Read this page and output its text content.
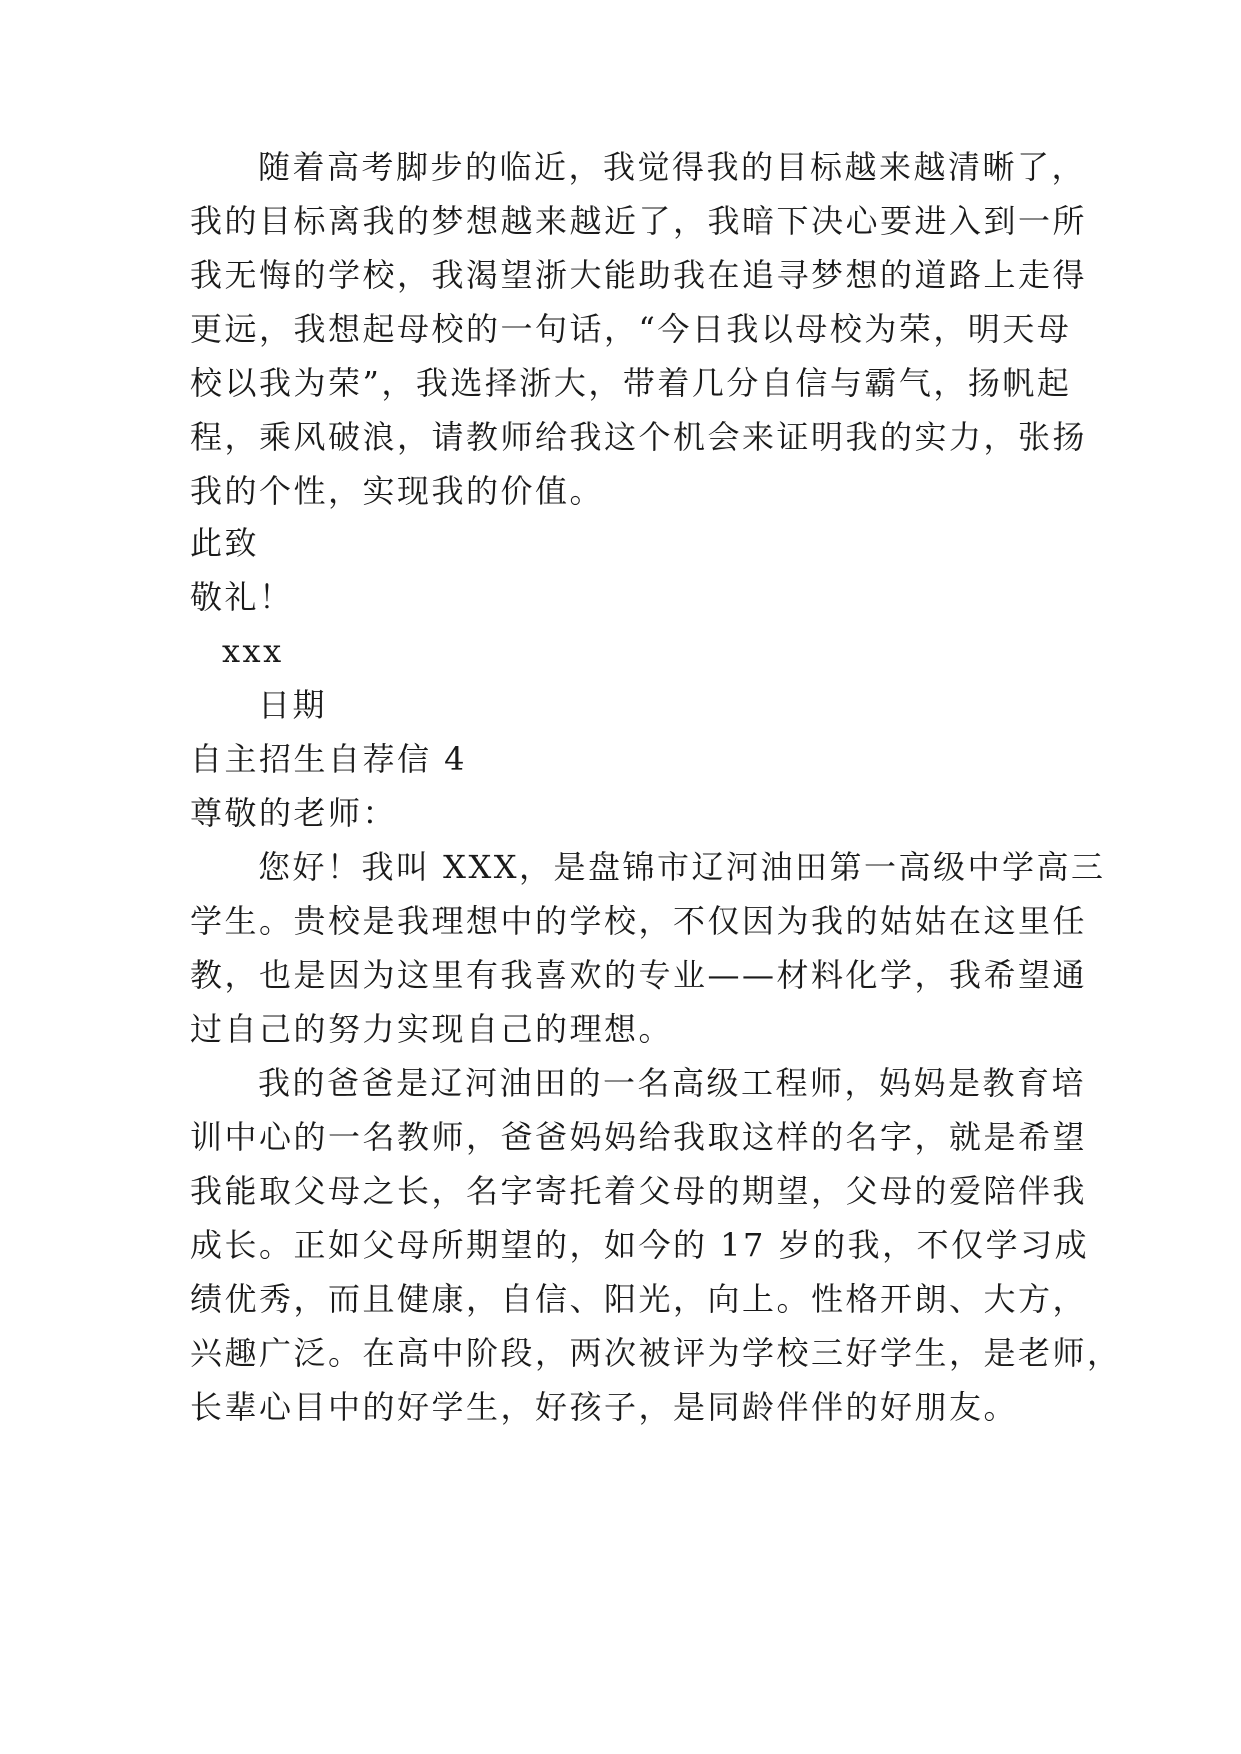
随着高考脚步的临近，我觉得我的目标越来越清晰了，
我的目标离我的梦想越来越近了，我暗下决心要进入到一所
我无悔的学校，我渴望浙大能助我在追寻梦想的道路上走得
更远，我想起母校的一句话，“今日我以母校为荣，明天母
校以我为荣”，我选择浙大，带着几分自信与霸气，扬帆起
程，乘风破浪，请教师给我这个机会来证明我的实力，张扬
我的个性，实现我的价值。
此致
敬礼！
xxx
日期
自主招生自荐信 4
尊敬的老师：
您好！我叫 XXX，是盘锦市辽河油田第一高级中学高三
学生。贵校是我理想中的学校，不仅因为我的姑姑在这里任
教，也是因为这里有我喜欢的专业——材料化学，我希望通
过自己的努力实现自己的理想。
我的爸爸是辽河油田的一名高级工程师，妈妈是教育培
训中心的一名教师，爸爸妈妈给我取这样的名字，就是希望
我能取父母之长，名字寄托着父母的期望，父母的爱陪伴我
成长。正如父母所期望的，如今的 17 岁的我，不仅学习成
绩优秀，而且健康，自信、阳光，向上。性格开朗、大方，
兴趣广泛。在高中阶段，两次被评为学校三好学生，是老师，
长辈心目中的好学生，好孩子，是同龄伴伴的好朋友。
